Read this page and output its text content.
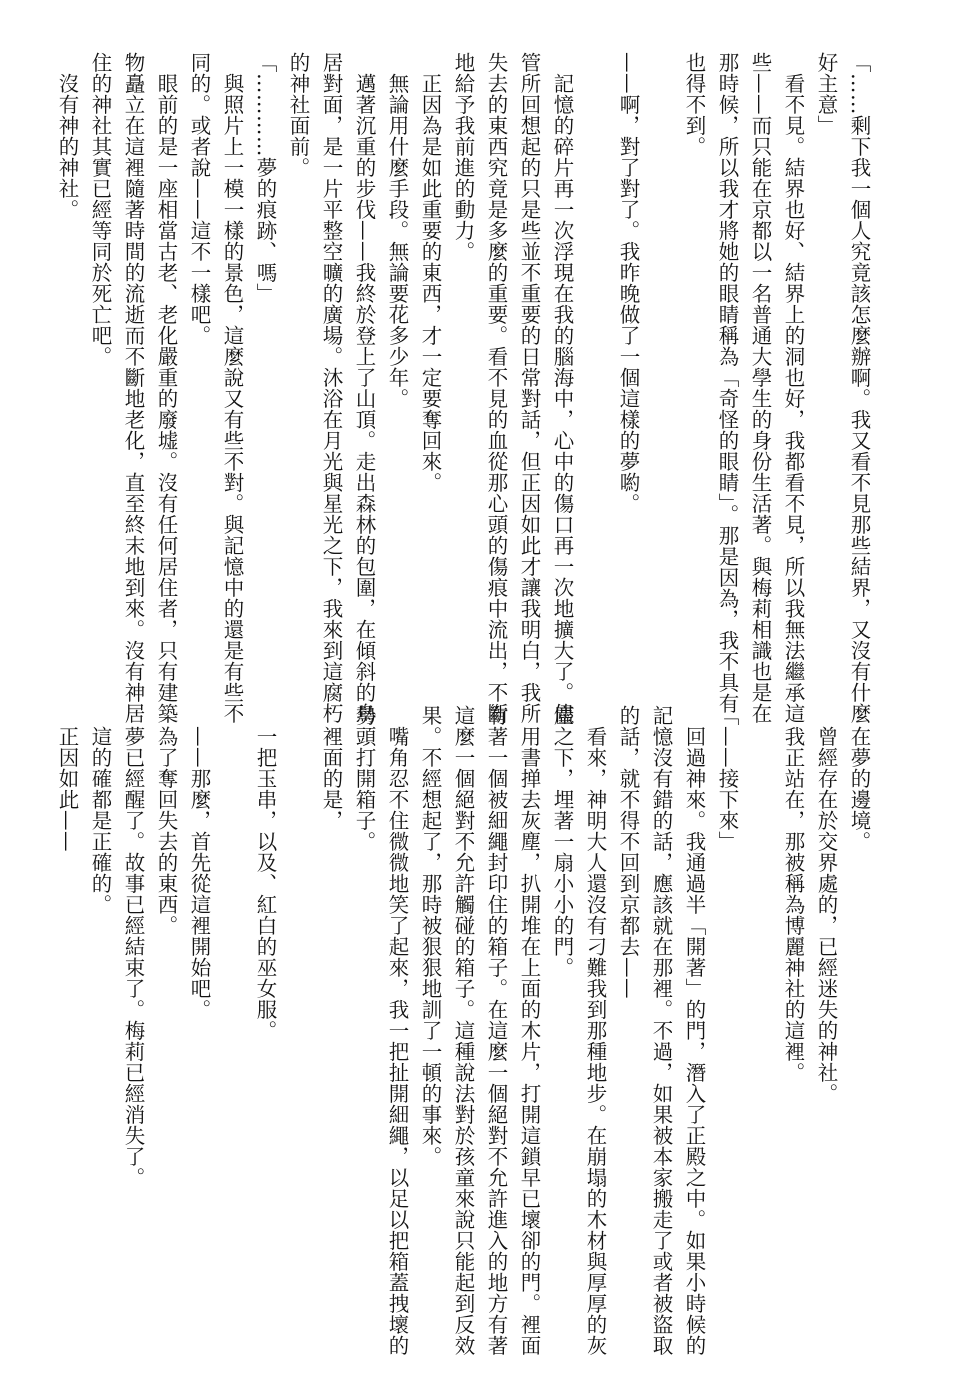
「……剩下我一個人究竟該怎麼辦啊。我又看不見那些結界，又沒有什麼
好主意」
　看不見。結界也好、結界上的洞也好，我都看不見，所以我無法繼承這
些——而只能在京都以一名普通大學生的身份生活著。與梅莉相識也是在
那時候，所以我才將她的眼睛稱為「奇怪的眼睛」。那是因為，我不具有
也得不到。

——啊，對了對了。我昨晚做了一個這樣的夢喲。

　記憶的碎片再一次浮現在我的腦海中，心中的傷口再一次地擴大了。儘
管所回想起的只是些並不重要的日常對話，但正因如此才讓我明白，我所
失去的東西究竟是多麼的重要。看不見的血從那心頭的傷痕中流出，不斷
地給予我前進的動力。
　正因為是如此重要的東西，才一定要奪回來。
　無論用什麼手段。無論要花多少年。
　邁著沉重的步伐——我終於登上了山頂。走出森林的包圍，在傾斜的鳥
居對面，是一片平整空曠的廣場。沐浴在月光與星光之下，我來到這腐朽
的神社面前。
「…………夢的痕跡、嗎」
　與照片上一模一樣的景色，這麼說又有些不對。與記憶中的還是有些不
同的。或者說——這不一樣吧。
　眼前的是一座相當古老、老化嚴重的廢墟。沒有任何居住者，只有建築
物矗立在這裡隨著時間的流逝而不斷地老化，直至終末地到來。沒有神居
住的神社其實已經等同於死亡吧。
　沒有神的神社。
　在夢的邊境。
　曾經存在於交界處的，已經迷失的神社。
　我正站在，那被稱為博麗神社的這裡。

「——接下來」
　回過神來。我通過半「開著」的門，潛入了正殿之中。如果小時候的
記憶沒有錯的話，應該就在那裡。不過，如果被本家搬走了或者被盜取
的話，就不得不回到京都去——
　看來，神明大人還沒有刁難我到那種地步。在崩塌的木材與厚厚的灰
塵之下，埋著一扇小小的門。
　用書掸去灰塵，扒開堆在上面的木片，打開這鎖早已壞卻的門。裡面
有著一個被細繩封印住的箱子。在這麼一個絕對不允許進入的地方有著
這麼一個絕對不允許觸碰的箱子。這種說法對於孩童來說只能起到反效
果。不經想起了，那時被狠狠地訓了一頓的事來。
　嘴角忍不住微微地笑了起來，我一把扯開細繩，以足以把箱蓋拽壞的
勢頭打開箱子。
　裡面的是，

　一把玉串，以及、紅白的巫女服。

　——那麼，首先從這裡開始吧。
　為了奪回失去的東西。
　夢已經醒了。故事已經結束了。梅莉已經消失了。
　這的確都是正確的。
　正因如此——
